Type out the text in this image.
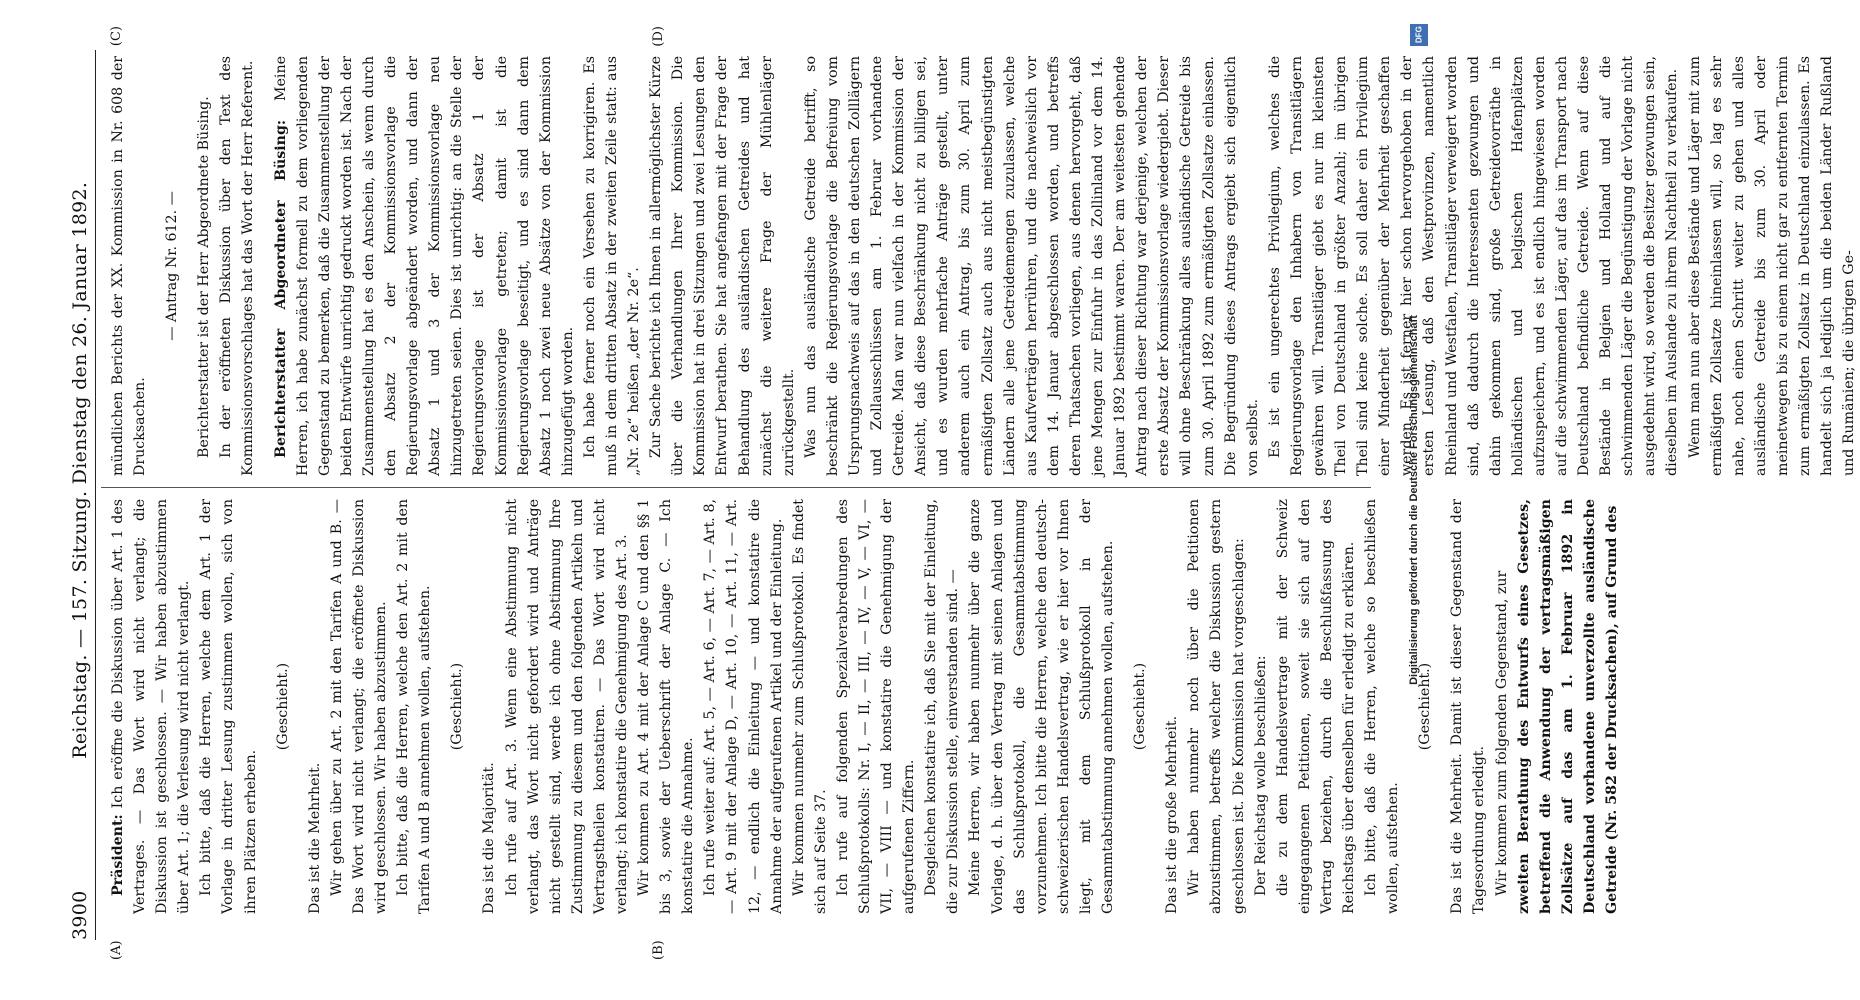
3900
Reichstag. — 157. Sitzung. Dienstag den 26. Januar 1892.
(A)	(B)
(C)	(D)

Präsident: Ich eröffne die Diskussion über Art. 1 des Vertrages. — Das Wort wird nicht verlangt; die Diskussion ist geschlossen. — Wir haben abzustimmen über Art. 1; die Verlesung wird nicht verlangt. Ich bitte, daß die Herren, welche dem Art. 1 der Vorlage in dritter Lesung zustimmen wollen, sich von ihren Plätzen erheben.

(Geschieht.)

Das ist die Mehrheit. Wir gehen über zu Art. 2 mit den Tarifen A und B. — Das Wort wird nicht verlangt; die eröffnete Diskussion wird geschlossen. Wir haben abzustimmen. Ich bitte, daß die Herren, welche den Art. 2 mit den Tarifen A und B annehmen wollen, aufstehen. (Geschieht.)

Das ist die Majorität. Ich rufe auf Art. 3. Wenn eine Abstimmung nicht verlangt, das Wort nicht gefordert wird und Anträge nicht gestellt sind, werde ich ohne Abstimmung Ihre Zustimmung zu diesem und den folgenden Artikeln und Vertragstheilen konstatiren. — Das Wort wird nicht verlangt; ich konstatire die Genehmigung des Art. 3. Wir kommen zu Art. 4 mit der Anlage C und den §§ 1 bis 3, sowie der Ueberschrift der Anlage C. — Ich konstatire die Annahme. Ich rufe weiter auf: Art. 5, — Art. 6, — Art. 7, — Art. 8, — Art. 9 mit der Anlage D, — Art. 10, — Art. 11, — Art. 12, — endlich die Einleitung — und konstatire die Annahme der aufgerufenen Artikel und der Einleitung. Wir kommen nunmehr zum Schlußprotokoll. Es findet sich auf Seite 37. Ich rufe auf folgenden Spezialverabredungen des Schlußprotokolls: Nr. I, — II, — III, — IV, — V, — VI, — VII, — VIII — und konstatire die Genehmigung der aufgerufenen Ziffern. Desgleichen konstatire ich, daß Sie mit der Einleitung, die zur Diskussion stelle, einverstanden sind. — Meine Herren, wir haben nunmehr über die ganze Vorlage, d. h. über den Vertrag mit seinen Anlagen und das Schlußprotokoll, die Gesammtabstimmung vorzunehmen. Ich bitte die Herren, welche den deutsch-schweizerischen Handelsvertrag, wie er hier vor Ihnen liegt, mit dem Schlußprotokoll in der Gesammtabstimmung annehmen wollen, aufstehen. (Geschieht.)

Das ist die große Mehrheit. Wir haben nunmehr noch über die Petitionen abzustimmen, betreffs welcher die Diskussion gestern geschlossen ist. Die Kommission hat vorgeschlagen: Der Reichstag wolle beschließen: die zu dem Handelsvertrage mit der Schweiz eingegangenen Petitionen, soweit sie sich auf den Vertrag beziehen, durch die Beschlußfassung des Reichstags über denselben für erledigt zu erklären. Ich bitte, daß die Herren, welche so beschließen wollen, aufstehen.

(Geschieht.) Das ist die Mehrheit. Damit ist dieser Gegenstand der Tagesordnung erledigt. Wir kommen zum folgenden Gegenstand, zur zweiten Berathung des Entwurfs eines Gesetzes, betreffend die Anwendung der vertragsmäßigen Zollsätze auf das am 1. Februar 1892 in Deutschland vorhandene unverzollte ausländische Getreide (Nr. 582 der Drucksachen), auf Grund des

mündlichen Berichts der XX. Kommission in Nr. 608 der Drucksachen.

— Antrag Nr. 612. — Berichterstatter ist der Herr Abgeordnete Büsing. In der eröffneten Diskussion über den Text des Kommissionsvorschlages hat das Wort der Herr Referent. Berichterstatter Abgeordneter Büsing: Meine Herren, ich habe zunächst formell zu dem vorliegenden Gegenstand zu bemerken, daß die Zusammenstellung der beiden Entwürfe unrichtig gedruckt worden ist. Nach der Zusammenstellung hat es den Anschein, als wenn durch den Absatz 2 der Kommissionsvorlage die Regierungsvorlage abgeändert worden, und dann der Absatz 1 und 3 der Kommissionsvorlage neu hinzugetreten seien. Dies ist unrichtig: an die Stelle der Regierungsvorlage ist der Absatz 1 der Kommissionsvorlage getreten; damit ist die Regierungsvorlage beseitigt, und es sind dann dem Absatz 1 noch zwei neue Absätze von der Kommission hinzugefügt worden. Ich habe ferner noch ein Versehen zu korrigiren. Es muß in dem dritten Absatz in der zweiten Zeile statt: aus „Nr. 2e“ heißen „der Nr. 2e“. Zur Sache berichte ich Ihnen in allermöglichster Kürze über die Verhandlungen Ihrer Kommission. Die Kommission hat in drei Sitzungen und zwei Lesungen den Entwurf berathen. Sie hat angefangen mit der Frage der Behandlung des ausländischen Getreides und hat zunächst die weitere Frage der Mühlenläger zurückgestellt. Was nun das ausländische Getreide betrifft, so beschränkt die Regierungsvorlage die Befreiung vom Ursprungsnachweis auf das in den deutschen Zolllägern und Zollausschlüssen am 1. Februar vorhandene Getreide. Man war nun vielfach in der Kommission der Ansicht, daß diese Beschränkung nicht zu billigen sei, und es wurden mehrfache Anträge gestellt, unter anderem auch ein Antrag, bis zum 30. April zum ermäßigten Zollsatz auch aus nicht meistbegünstigten Ländern alle jene Getreidemengen zuzulassen, welche aus Kaufverträgen herrühren, und die nachweislich vor dem 14. Januar abgeschlossen worden, und betreffs deren Thatsachen vorliegen, aus denen hervorgeht, daß jene Mengen zur Einfuhr in das Zollinland vor dem 14. Januar 1892 bestimmt waren. Der am weitesten gehende Antrag nach dieser Richtung war derjenige, welchen der erste Absatz der Kommissionsvorlage wiedergiebt. Dieser will ohne Beschränkung alles ausländische Getreide bis zum 30. April 1892 zum ermäßigten Zollsatze einlassen. Die Begründung dieses Antrags ergiebt sich eigentlich von selbst. Es ist ein ungerechtes Privilegium, welches die Regierungsvorlage den Inhabern von Transitlägern gewähren will. Transitläger giebt es nur im kleinsten Theil von Deutschland in größter Anzahl; im übrigen Theil sind keine solche. Es soll daher ein Privilegium einer Minderheit gegenüber der Mehrheit geschaffen werden. Es ist ferner hier schon hervorgehoben in der ersten Lesung, daß den Westprovinzen, namentlich Rheinland und Westfalen, Transitläger verweigert worden sind, daß dadurch die Interessenten gezwungen und dahin gekommen sind, große Getreidevorräthe in holländischen und belgischen Hafenplätzen aufzuspeichern, und es ist endlich hingewiesen worden auf die schwimmenden Läger, auf das im Transport nach Deutschland befindliche Getreide. Wenn auf diese Bestände in Belgien und Holland und auf die schwimmenden Läger die Begünstigung der Vorlage nicht ausgedehnt wird, so werden die Besitzer gezwungen sein, dieselben im Auslande zu ihrem Nachtheil zu verkaufen. Wenn man nun aber diese Bestände und Läger mit zum ermäßigten Zollsatze hineinlassen will, so lag es sehr nahe, noch einen Schritt weiter zu gehen und alles ausländische Getreide bis zum 30. April oder meinetwegen bis zu einem nicht gar zu entfernten Termin zum ermäßigten Zollsatz in Deutschland einzulassen. Es handelt sich ja lediglich um die beiden Länder Rußland und Rumänien; die übrigen Ge-

Digitalisierung gefördert durch die Deutsche Forschungsgemeinschaft
DFG
